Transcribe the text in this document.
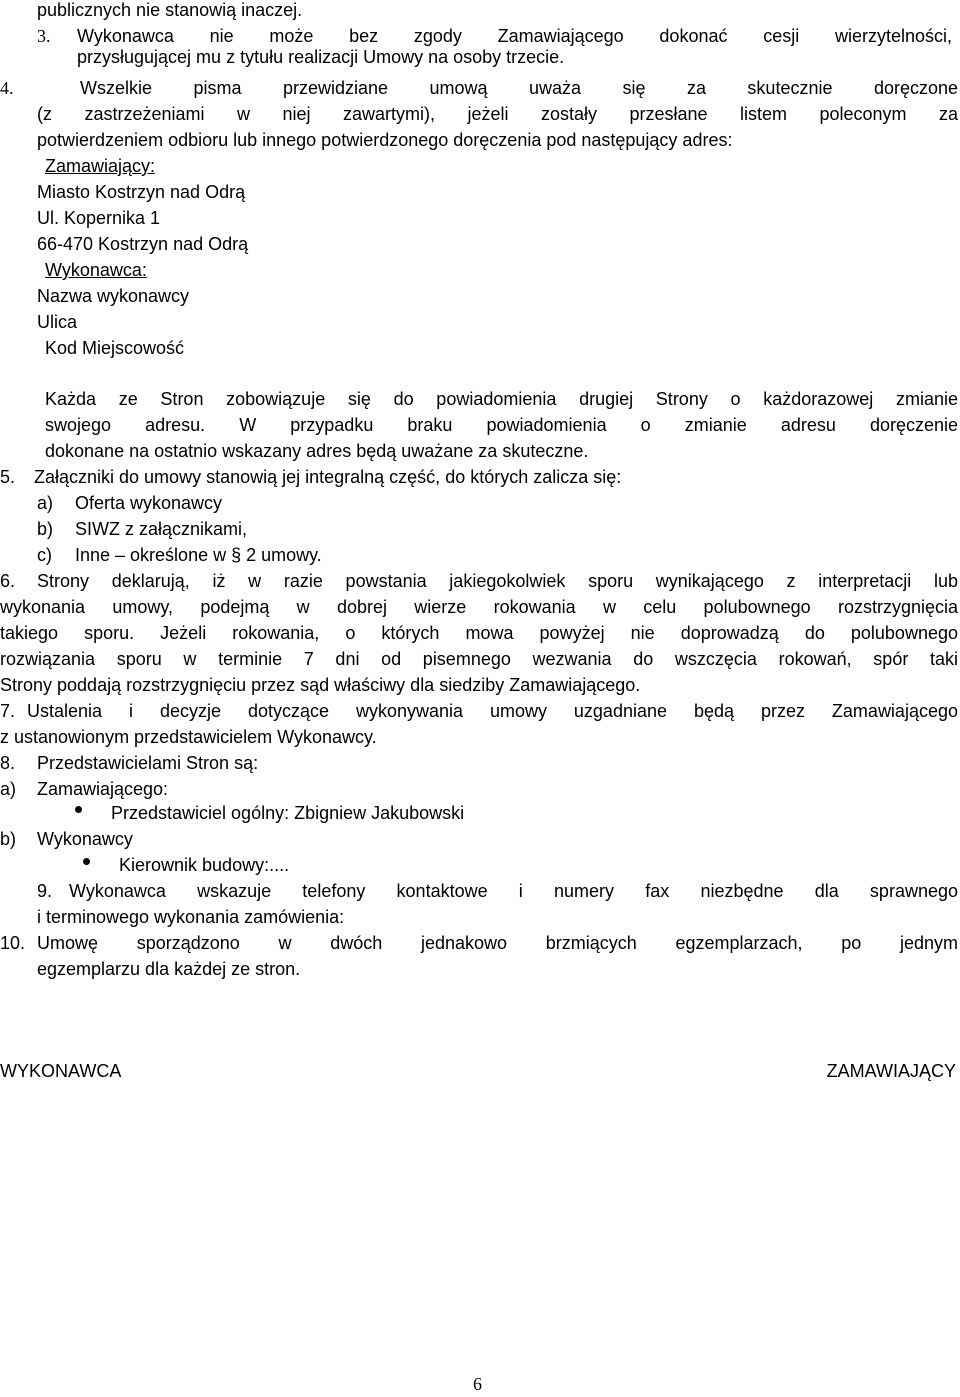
publicznych nie stanowią inaczej.
3. Wykonawca nie może bez zgody Zamawiającego dokonać cesji wierzytelności,
przysługującej mu z tytułu realizacji Umowy na osoby trzecie.
4.	Wszelkie pisma przewidziane umową uważa się za skutecznie doręczone
(z zastrzeżeniami w niej zawartymi), jeżeli zostały przesłane listem poleconym za
potwierdzeniem odbioru lub innego potwierdzonego doręczenia pod następujący adres:
Zamawiający:
Miasto Kostrzyn nad Odrą
Ul. Kopernika 1
66-470 Kostrzyn nad Odrą
Wykonawca:
Nazwa wykonawcy
Ulica
Kod Miejscowość
Każda ze Stron zobowiązuje się do powiadomienia drugiej Strony o każdorazowej zmianie
swojego adresu. W przypadku braku powiadomienia o zmianie adresu doręczenie
dokonane na ostatnio wskazany adres będą uważane za skuteczne.
5. Załączniki do umowy stanowią jej integralną część, do których zalicza się:
a) Oferta wykonawcy
b) SIWZ z załącznikami,
c) Inne – określone w § 2 umowy.
6. Strony deklarują, iż w razie powstania jakiegokolwiek sporu wynikającego z interpretacji lub
wykonania umowy, podejmą w dobrej wierze rokowania w celu polubownego rozstrzygnięcia
takiego sporu. Jeżeli rokowania, o których mowa powyżej nie doprowadzą do polubownego
rozwiązania sporu w terminie 7 dni od pisemnego wezwania do wszczęcia rokowań, spór taki
Strony poddają rozstrzygnięciu przez sąd właściwy dla siedziby Zamawiającego.
7. Ustalenia i decyzje dotyczące wykonywania umowy uzgadniane będą przez Zamawiającego
z ustanowionym przedstawicielem Wykonawcy.
8. Przedstawicielami Stron są:
a) Zamawiającego:
Przedstawiciel ogólny: Zbigniew Jakubowski
b) Wykonawcy
Kierownik budowy:....
9. Wykonawca wskazuje telefony kontaktowe i numery fax niezbędne dla sprawnego
i terminowego wykonania zamówienia:
10. Umowę sporządzono w dwóch jednakowo brzmiących egzemplarzach, po jednym
egzemplarzu dla każdej ze stron.
WYKONAWCA	ZAMAWIAJĄCY
6
